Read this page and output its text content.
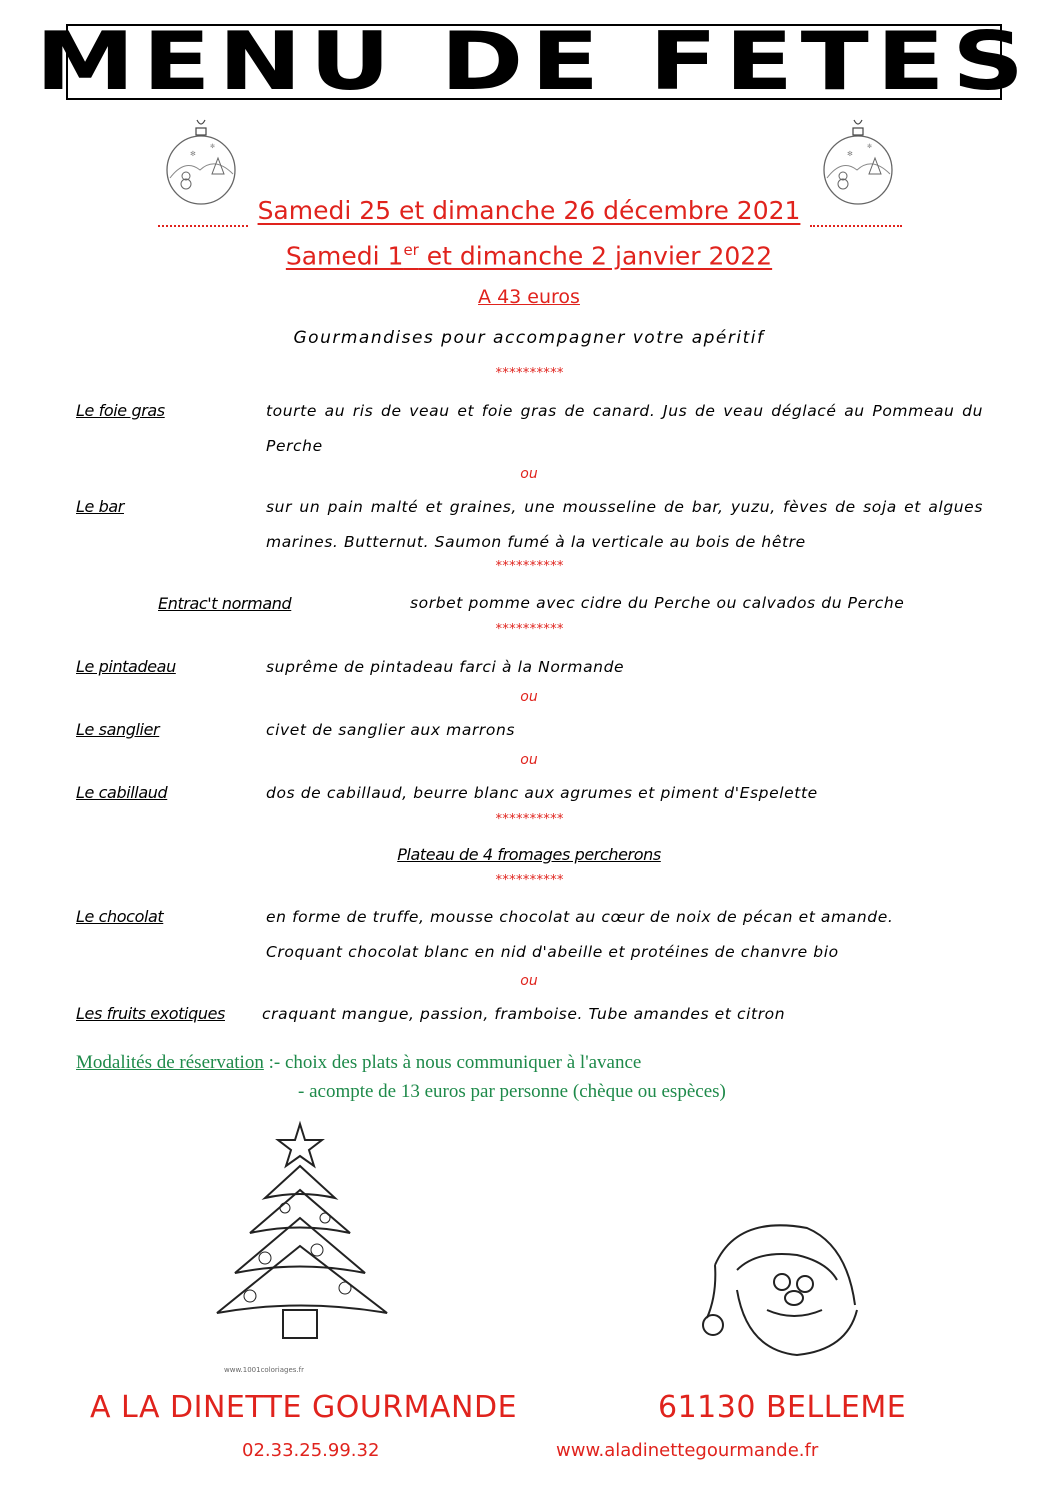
MENU DE FETES
✻
✻
✻
✻
Samedi 25 et dimanche 26 décembre 2021
Samedi 1er et dimanche 2 janvier 2022
A 43 euros
Gourmandises pour accompagner votre apéritif
**********
Le foie gras	tourte au ris de veau et foie gras de canard. Jus de veau déglacé au Pommeau du
Perche
ou
Le bar	sur un pain malté et graines, une mousseline de bar, yuzu, fèves de soja et algues
marines. Butternut. Saumon fumé à la verticale au bois de hêtre
**********
Entrac't normand	sorbet pomme avec cidre du Perche ou calvados du Perche
**********
Le pintadeau	suprême de pintadeau farci à la Normande
ou
Le sanglier	civet de sanglier aux marrons
ou
Le cabillaud	dos de cabillaud, beurre blanc aux agrumes et piment d'Espelette
**********
Plateau de 4 fromages percherons
**********
Le chocolat	en forme de truffe, mousse chocolat au cœur de noix de pécan et amande.
Croquant chocolat blanc en nid d'abeille et protéines de chanvre bio
ou
Les fruits exotiques craquant mangue, passion, framboise. Tube amandes et citron
Modalités de réservation :- choix des plats à nous communiquer à l'avance
- acompte de 13 euros par personne (chèque ou espèces)
www.1001coloriages.fr
A LA DINETTE GOURMANDE	61130 BELLEME
02.33.25.99.32	www.aladinettegourmande.fr
